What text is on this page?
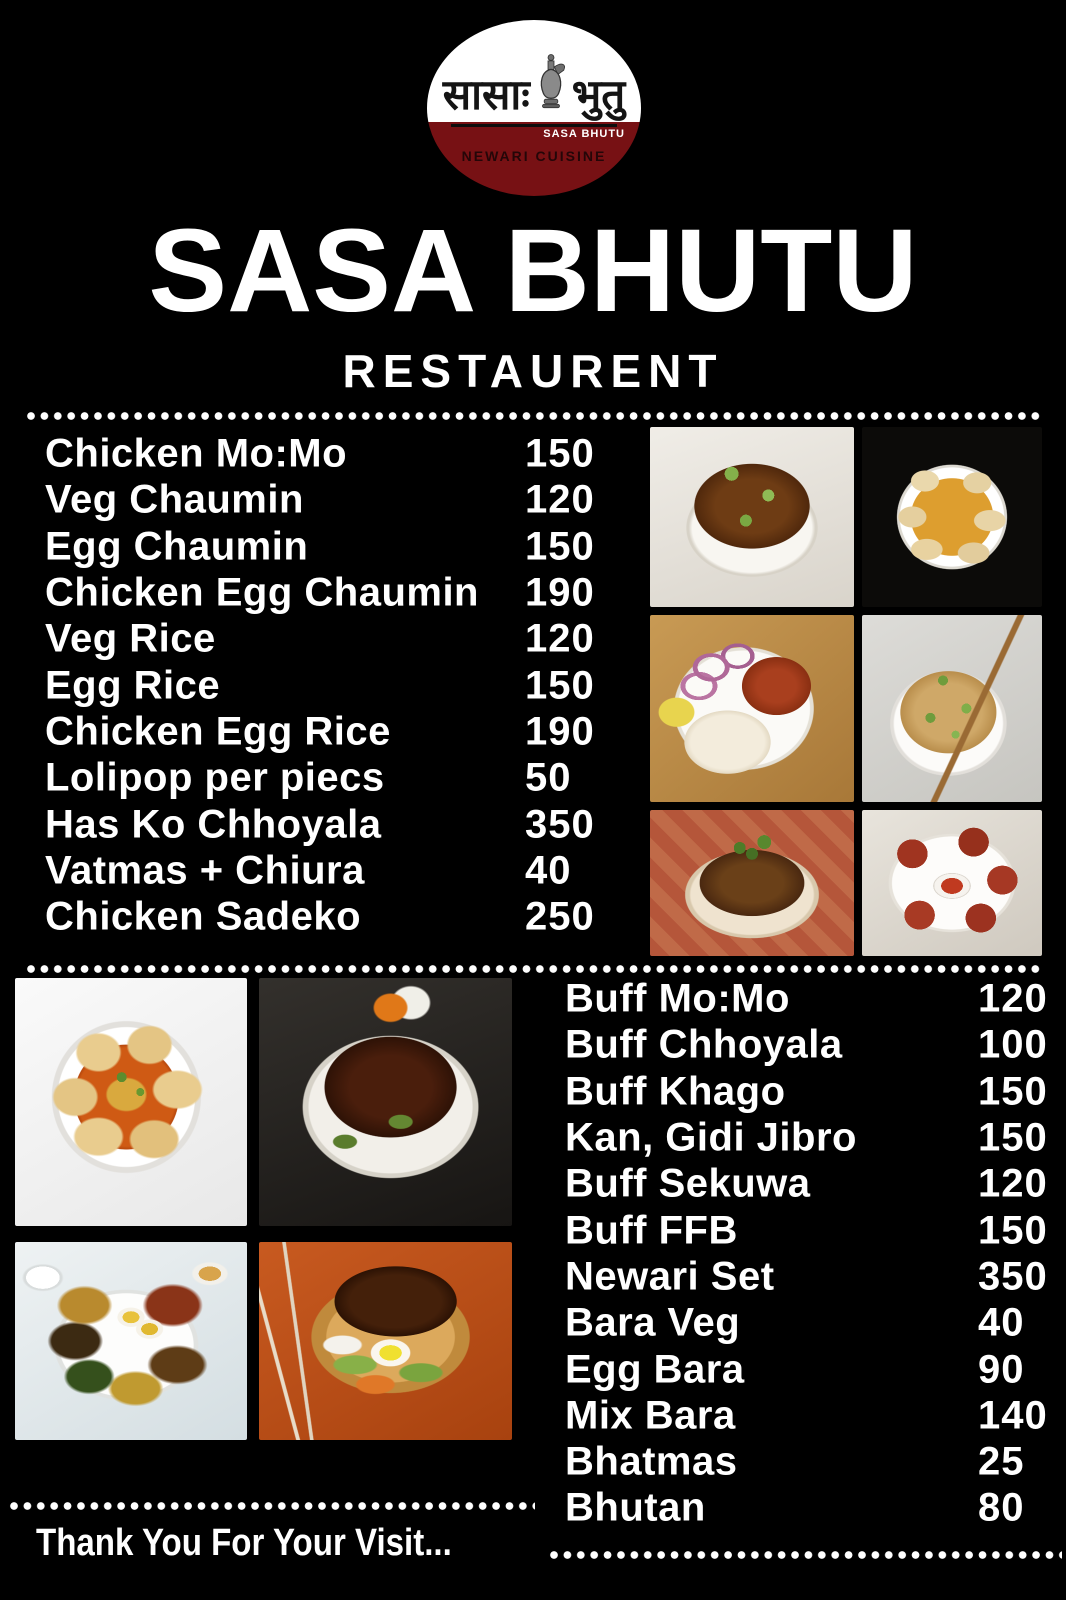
सासाः भुतु
SASA BHUTU
NEWARI CUISINE
SASA BHUTU
RESTAURENT
Chicken Mo:Mo	150
Veg Chaumin	120
Egg Chaumin	150
Chicken Egg Chaumin 190
Veg Rice	120
Egg Rice	150
Chicken Egg Rice	190
Lolipop per piecs	50
Has Ko Chhoyala	350
Vatmas + Chiura	40
Chicken Sadeko	250
Buff Mo:Mo	120
Buff Chhoyala	100
Buff Khago	150
Kan, Gidi Jibro	150
Buff Sekuwa	120
Buff FFB	150
Newari Set	350
Bara Veg	40
Egg Bara	90
Mix Bara	140
Bhatmas	25
Bhutan	80
Thank You For Your Visit...
